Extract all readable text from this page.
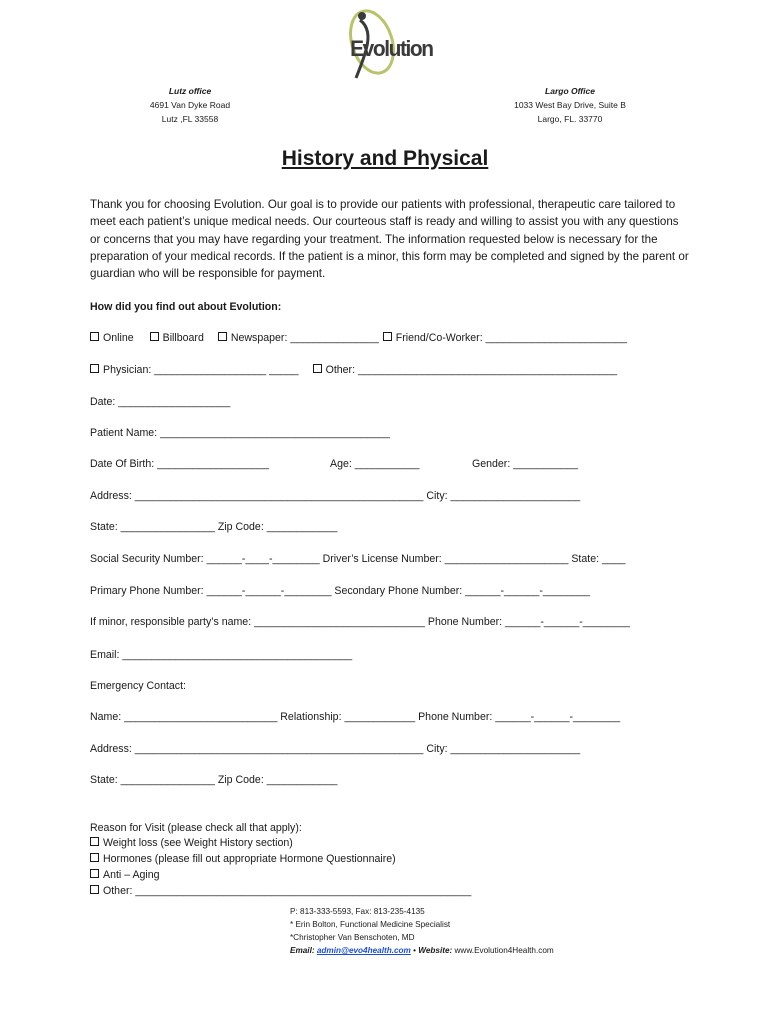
Evolution
Lutz office
4691 Van Dyke Road
Lutz ,FL 33558
Largo Office
1033 West Bay Drive, Suite B
Largo, FL. 33770
History and Physical
Thank you for choosing Evolution. Our goal is to provide our patients with professional, therapeutic care tailored to meet each patient’s unique medical needs. Our courteous staff is ready and willing to assist you with any questions or concerns that you may have regarding your treatment. The information requested below is necessary for the preparation of your medical records. If the patient is a minor, this form may be completed and signed by the parent or guardian who will be responsible for payment.
How did you find out about Evolution:
Online	Billboard	Newspaper: _______________ Friend/Co-Worker: ________________________
Physician: ___________________ _____	Other: ____________________________________________
Date: ___________________
Patient Name: _______________________________________
Date Of Birth: ___________________	Age: ___________	Gender: ___________
Address: _________________________________________________ City: ______________________
State: ________________ Zip Code: ____________
Social Security Number: ______-____-________ Driver’s License Number: _____________________ State: ____
Primary Phone Number: ______-______-________ Secondary Phone Number: ______-______-________
If minor, responsible party’s name: _____________________________ Phone Number: ______-______-________
Email: _______________________________________
Emergency Contact:
Name: __________________________ Relationship: ____________ Phone Number: ______-______-________
Address: _________________________________________________ City: ______________________
State: ________________ Zip Code: ____________
Reason for Visit (please check all that apply):
Weight loss (see Weight History section)
Hormones (please fill out appropriate Hormone Questionnaire)
Anti – Aging
Other: _________________________________________________________
P: 813-333-5593, Fax: 813-235-4135
* Erin Bolton, Functional Medicine Specialist
*Christopher Van Benschoten, MD
Email: admin@evo4health.com • Website: www.Evolution4Health.com
